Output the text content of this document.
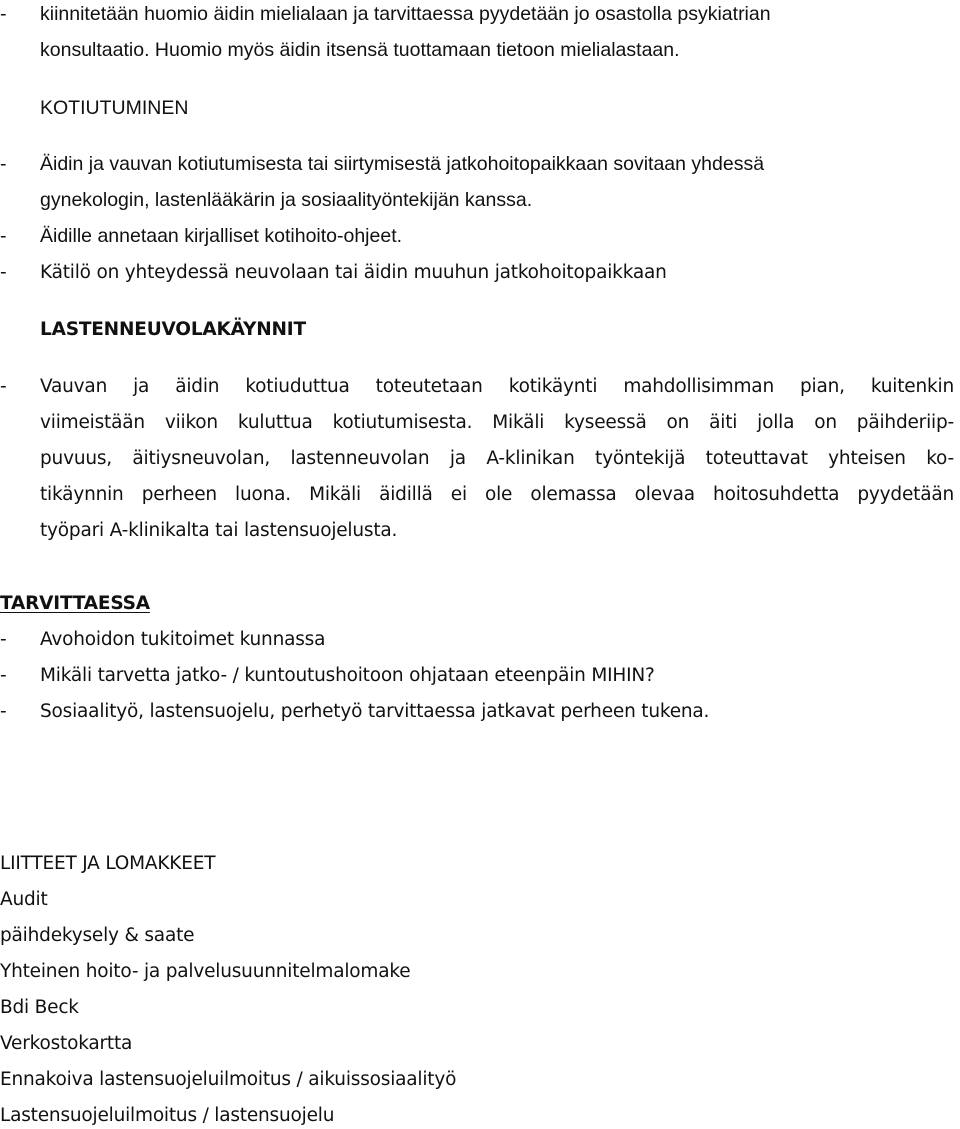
- kiinnitetään huomio äidin mielialaan ja tarvittaessa pyydetään jo osastolla psykiatrian
konsultaatio. Huomio myös äidin itsensä tuottamaan tietoon mielialastaan.
KOTIUTUMINEN
- Äidin ja vauvan kotiutumisesta tai siirtymisestä jatkohoitopaikkaan sovitaan yhdessä
gynekologin, lastenlääkärin ja sosiaalityöntekijän kanssa.
- Äidille annetaan kirjalliset kotihoito-ohjeet.
- Kätilö on yhteydessä neuvolaan tai äidin muuhun jatkohoitopaikkaan
LASTENNEUVOLAKÄYNNIT
- Vauvan ja äidin kotiuduttua toteutetaan kotikäynti mahdollisimman pian, kuitenkin
viimeistään viikon kuluttua kotiutumisesta. Mikäli kyseessä on äiti jolla on päihderiip-
puvuus, äitiysneuvolan, lastenneuvolan ja A-klinikan työntekijä toteuttavat yhteisen ko-
tikäynnin perheen luona. Mikäli äidillä ei ole olemassa olevaa hoitosuhdetta pyydetään
työpari A-klinikalta tai lastensuojelusta.
TARVITTAESSA
- Avohoidon tukitoimet kunnassa
- Mikäli tarvetta jatko- / kuntoutushoitoon ohjataan eteenpäin MIHIN?
- Sosiaalityö, lastensuojelu, perhetyö tarvittaessa jatkavat perheen tukena.
LIITTEET JA LOMAKKEET
Audit
päihdekysely & saate
Yhteinen hoito- ja palvelusuunnitelmalomake
Bdi Beck
Verkostokartta
Ennakoiva lastensuojeluilmoitus / aikuissosiaalityö
Lastensuojeluilmoitus / lastensuojelu
